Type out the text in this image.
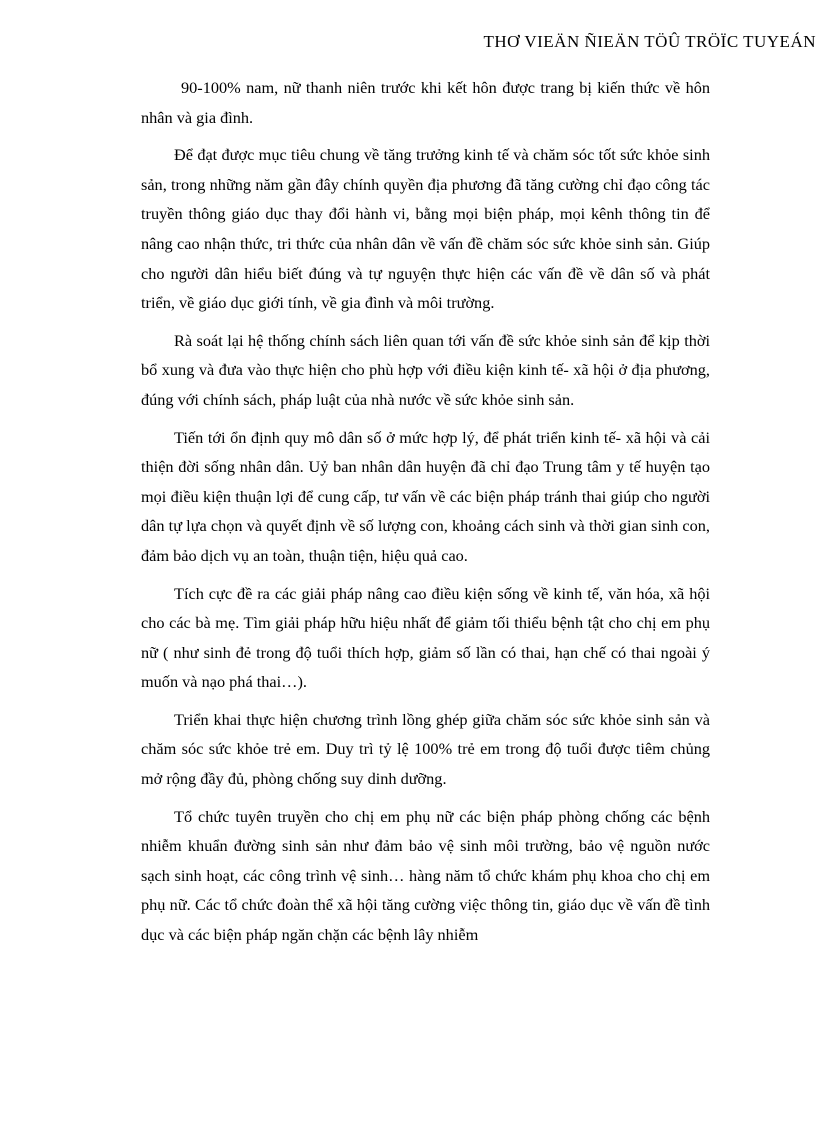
THƠ VIEÄN ÑIEÄN TÖÛ TRÖÏC TUYEÁN

90-100% nam, nữ thanh niên trước khi kết hôn được trang bị kiến thức về hôn nhân và gia đình.

Để đạt được mục tiêu chung về tăng trưởng kinh tế và chăm sóc tốt sức khỏe sinh sản, trong những năm gần đây chính quyền địa phương đã tăng cường chỉ đạo công tác truyền thông giáo dục thay đổi hành vi, bằng mọi biện pháp, mọi kênh thông tin để nâng cao nhận thức, tri thức của nhân dân về vấn đề chăm sóc sức khỏe sinh sản. Giúp cho người dân hiểu biết đúng và tự nguyện thực hiện các vấn đề về dân số và phát triển, về giáo dục giới tính, về gia đình và môi trường.

Rà soát lại hệ thống chính sách liên quan tới vấn đề sức khỏe sinh sản để kịp thời bổ xung và đưa vào thực hiện cho phù hợp với điều kiện kinh tế- xã hội ở địa phương, đúng với chính sách, pháp luật của nhà nước về sức khỏe sinh sản.

Tiến tới ổn định quy mô dân số ở mức hợp lý, để phát triển kinh tế- xã hội và cải thiện đời sống nhân dân. Uỷ ban nhân dân huyện đã chỉ đạo Trung tâm y tế huyện tạo mọi điều kiện thuận lợi để cung cấp, tư vấn về các biện pháp tránh thai giúp cho người dân tự lựa chọn và quyết định về số lượng con, khoảng cách sinh và thời gian sinh con, đảm bảo dịch vụ an toàn, thuận tiện, hiệu quả cao.

Tích cực đề ra các giải pháp nâng cao điều kiện sống về kinh tế, văn hóa, xã hội cho các bà mẹ. Tìm giải pháp hữu hiệu nhất để giảm tối thiểu bệnh tật cho chị em phụ nữ ( như sinh đẻ trong độ tuổi thích hợp, giảm số lần có thai, hạn chế có thai ngoài ý muốn và nạo phá thai…).

Triển khai thực hiện chương trình lồng ghép giữa chăm sóc sức khỏe sinh sản và chăm sóc sức khỏe trẻ em. Duy trì tỷ lệ 100% trẻ em trong độ tuổi được tiêm chủng mở rộng đầy đủ, phòng chống suy dinh dưỡng.

Tổ chức tuyên truyền cho chị em phụ nữ các biện pháp phòng chống các bệnh nhiễm khuẩn đường sinh sản như đảm bảo vệ sinh môi trường, bảo vệ nguồn nước sạch sinh hoạt, các công trình vệ sinh… hàng năm tổ chức khám phụ khoa cho chị em phụ nữ. Các tổ chức đoàn thể xã hội tăng cường việc thông tin, giáo dục về vấn đề tình dục và các biện pháp ngăn chặn các bệnh lây nhiễm
